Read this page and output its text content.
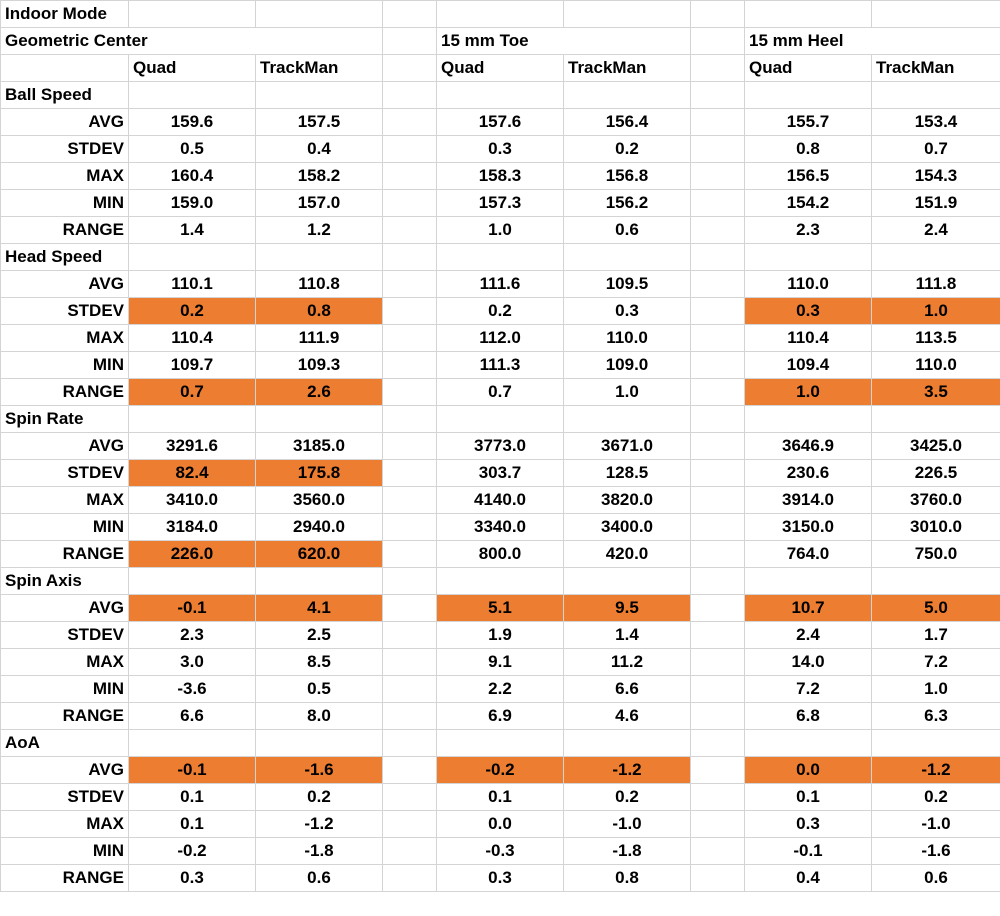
Indoor Mode								
Geometric Center				15 mm Toe			15 mm Heel	
	Quad	TrackMan		Quad	TrackMan		Quad	TrackMan
Ball Speed								
AVG	159.6	157.5		157.6	156.4		155.7	153.4
STDEV	0.5	0.4		0.3	0.2		0.8	0.7
MAX	160.4	158.2		158.3	156.8		156.5	154.3
MIN	159.0	157.0		157.3	156.2		154.2	151.9
RANGE	1.4	1.2		1.0	0.6		2.3	2.4
Head Speed								
AVG	110.1	110.8		111.6	109.5		110.0	111.8
STDEV	0.2	0.8		0.2	0.3		0.3	1.0
MAX	110.4	111.9		112.0	110.0		110.4	113.5
MIN	109.7	109.3		111.3	109.0		109.4	110.0
RANGE	0.7	2.6		0.7	1.0		1.0	3.5
Spin Rate								
AVG	3291.6	3185.0		3773.0	3671.0		3646.9	3425.0
STDEV	82.4	175.8		303.7	128.5		230.6	226.5
MAX	3410.0	3560.0		4140.0	3820.0		3914.0	3760.0
MIN	3184.0	2940.0		3340.0	3400.0		3150.0	3010.0
RANGE	226.0	620.0		800.0	420.0		764.0	750.0
Spin Axis								
AVG	-0.1	4.1		5.1	9.5		10.7	5.0
STDEV	2.3	2.5		1.9	1.4		2.4	1.7
MAX	3.0	8.5		9.1	11.2		14.0	7.2
MIN	-3.6	0.5		2.2	6.6		7.2	1.0
RANGE	6.6	8.0		6.9	4.6		6.8	6.3
AoA								
AVG	-0.1	-1.6		-0.2	-1.2		0.0	-1.2
STDEV	0.1	0.2		0.1	0.2		0.1	0.2
MAX	0.1	-1.2		0.0	-1.0		0.3	-1.0
MIN	-0.2	-1.8		-0.3	-1.8		-0.1	-1.6
RANGE	0.3	0.6		0.3	0.8		0.4	0.6
